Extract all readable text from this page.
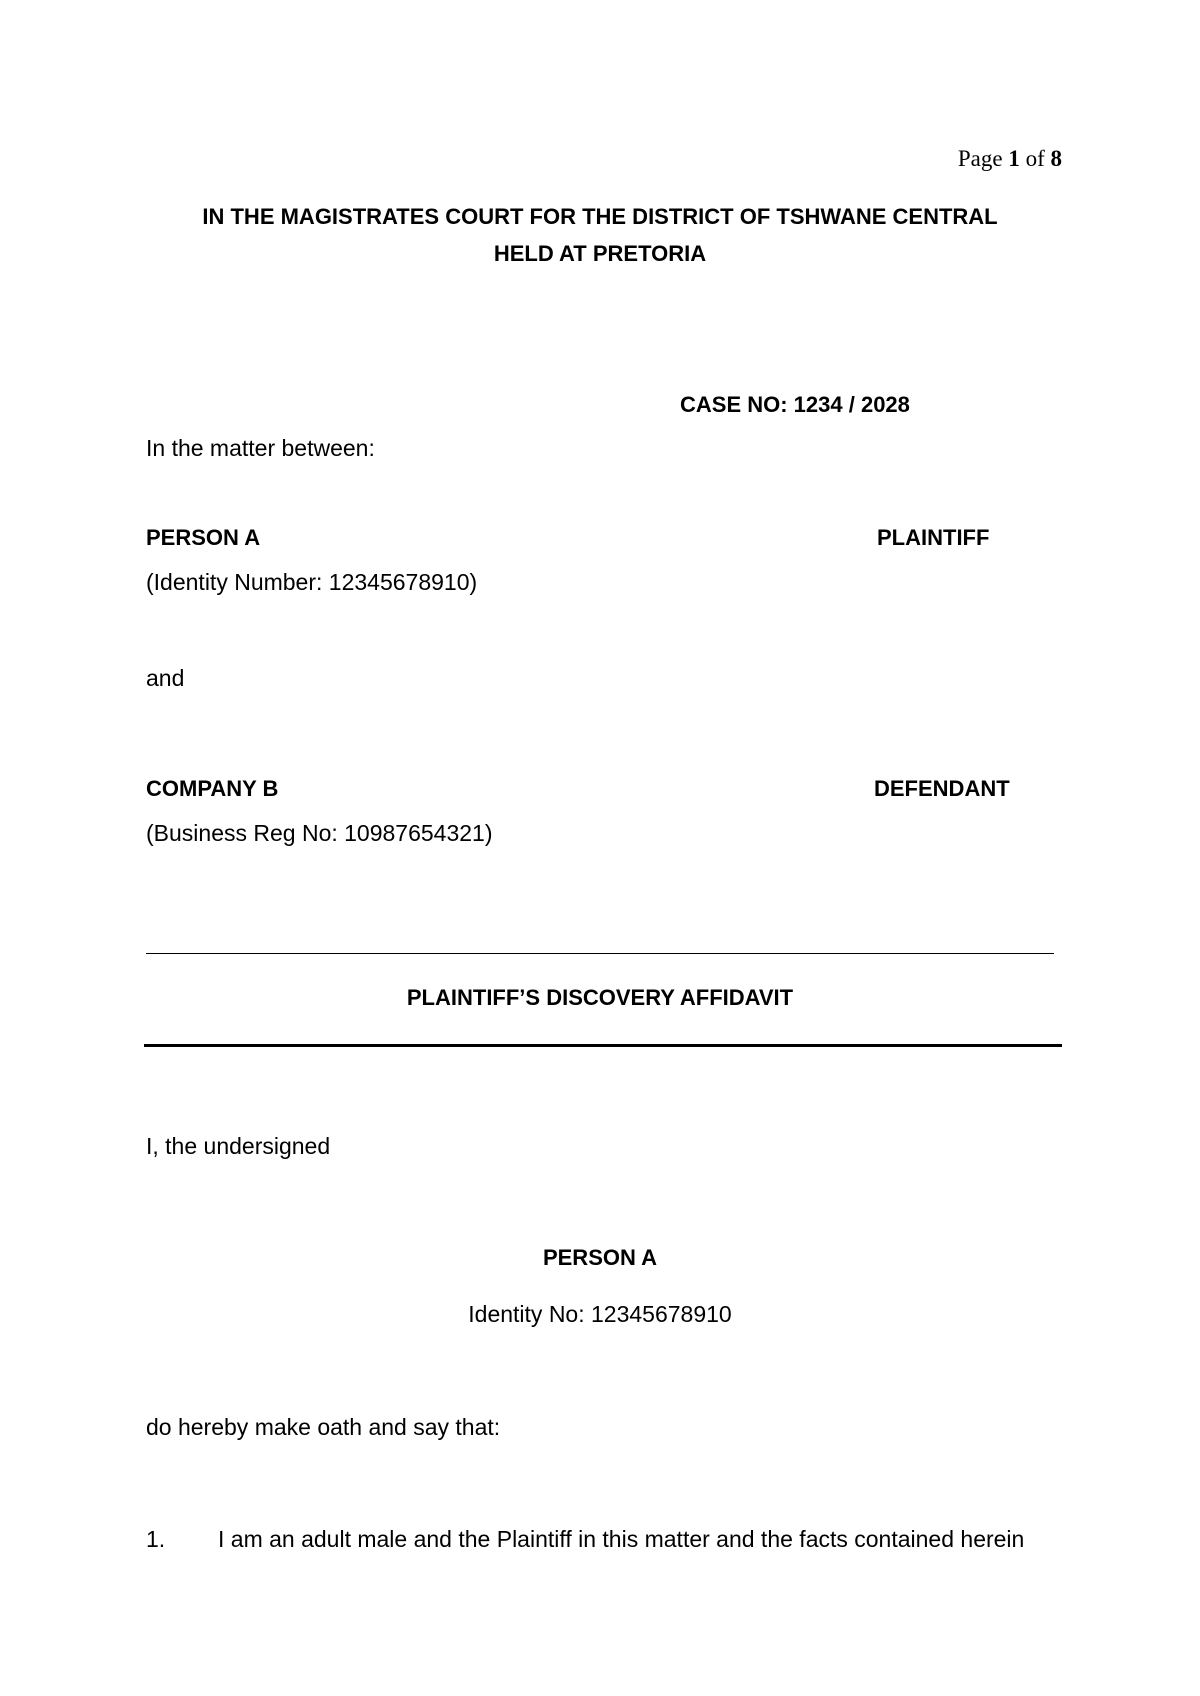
Page 1 of 8
IN THE MAGISTRATES COURT FOR THE DISTRICT OF TSHWANE CENTRAL
HELD AT PRETORIA
CASE NO: 1234 / 2028
In the matter between:
PERSON A	PLAINTIFF
(Identity Number: 12345678910)
and
COMPANY B	DEFENDANT
(Business Reg No: 10987654321)
PLAINTIFF’S DISCOVERY AFFIDAVIT
I, the undersigned
PERSON A
Identity No: 12345678910
do hereby make oath and say that:
1. I am an adult male and the Plaintiff in this matter and the facts contained herein
